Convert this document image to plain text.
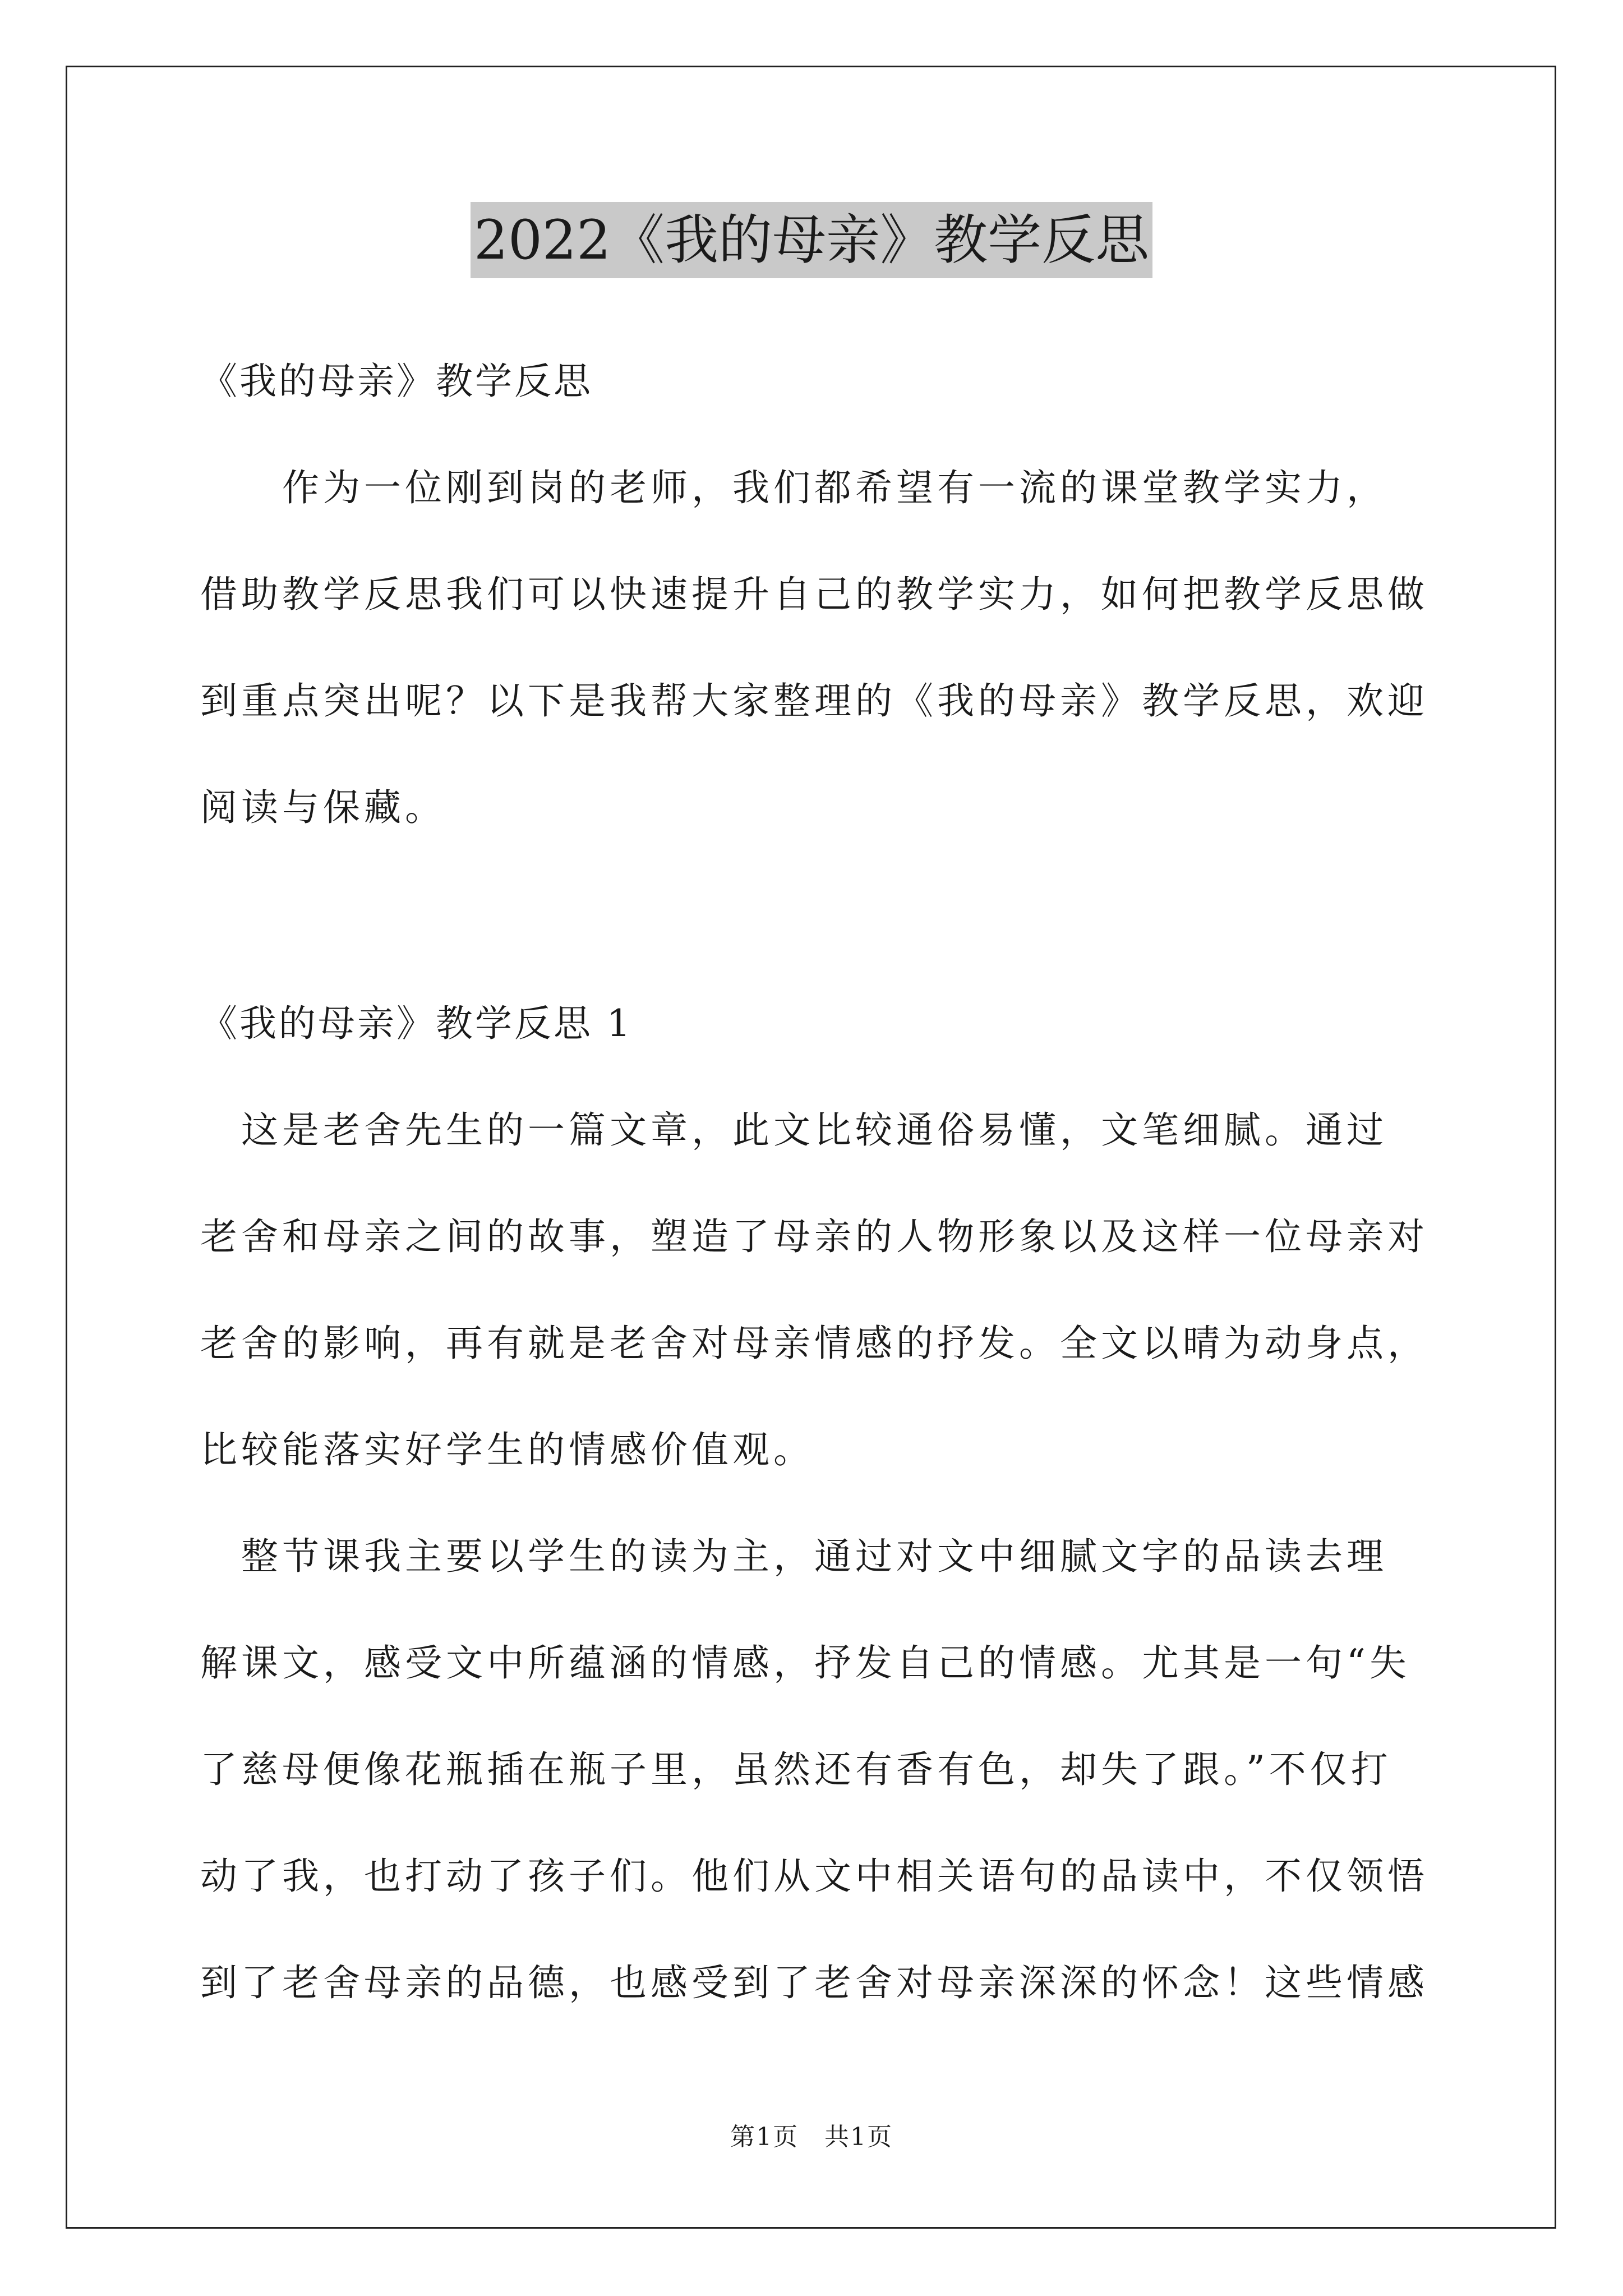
2022《我的母亲》教学反思
《我的母亲》教学反思
　　作为一位刚到岗的老师，我们都希望有一流的课堂教学实力，
借助教学反思我们可以快速提升自己的教学实力，如何把教学反思做
到重点突出呢？以下是我帮大家整理的《我的母亲》教学反思，欢迎
阅读与保藏。
《我的母亲》教学反思 1
　这是老舍先生的一篇文章，此文比较通俗易懂，文笔细腻。通过
老舍和母亲之间的故事，塑造了母亲的人物形象以及这样一位母亲对
老舍的影响，再有就是老舍对母亲情感的抒发。全文以晴为动身点，
比较能落实好学生的情感价值观。
　整节课我主要以学生的读为主，通过对文中细腻文字的品读去理
解课文，感受文中所蕴涵的情感，抒发自己的情感。尤其是一句“失
了慈母便像花瓶插在瓶子里，虽然还有香有色，却失了跟。”不仅打
动了我，也打动了孩子们。他们从文中相关语句的品读中，不仅领悟
到了老舍母亲的品德，也感受到了老舍对母亲深深的怀念！这些情感
第1页　共1页
